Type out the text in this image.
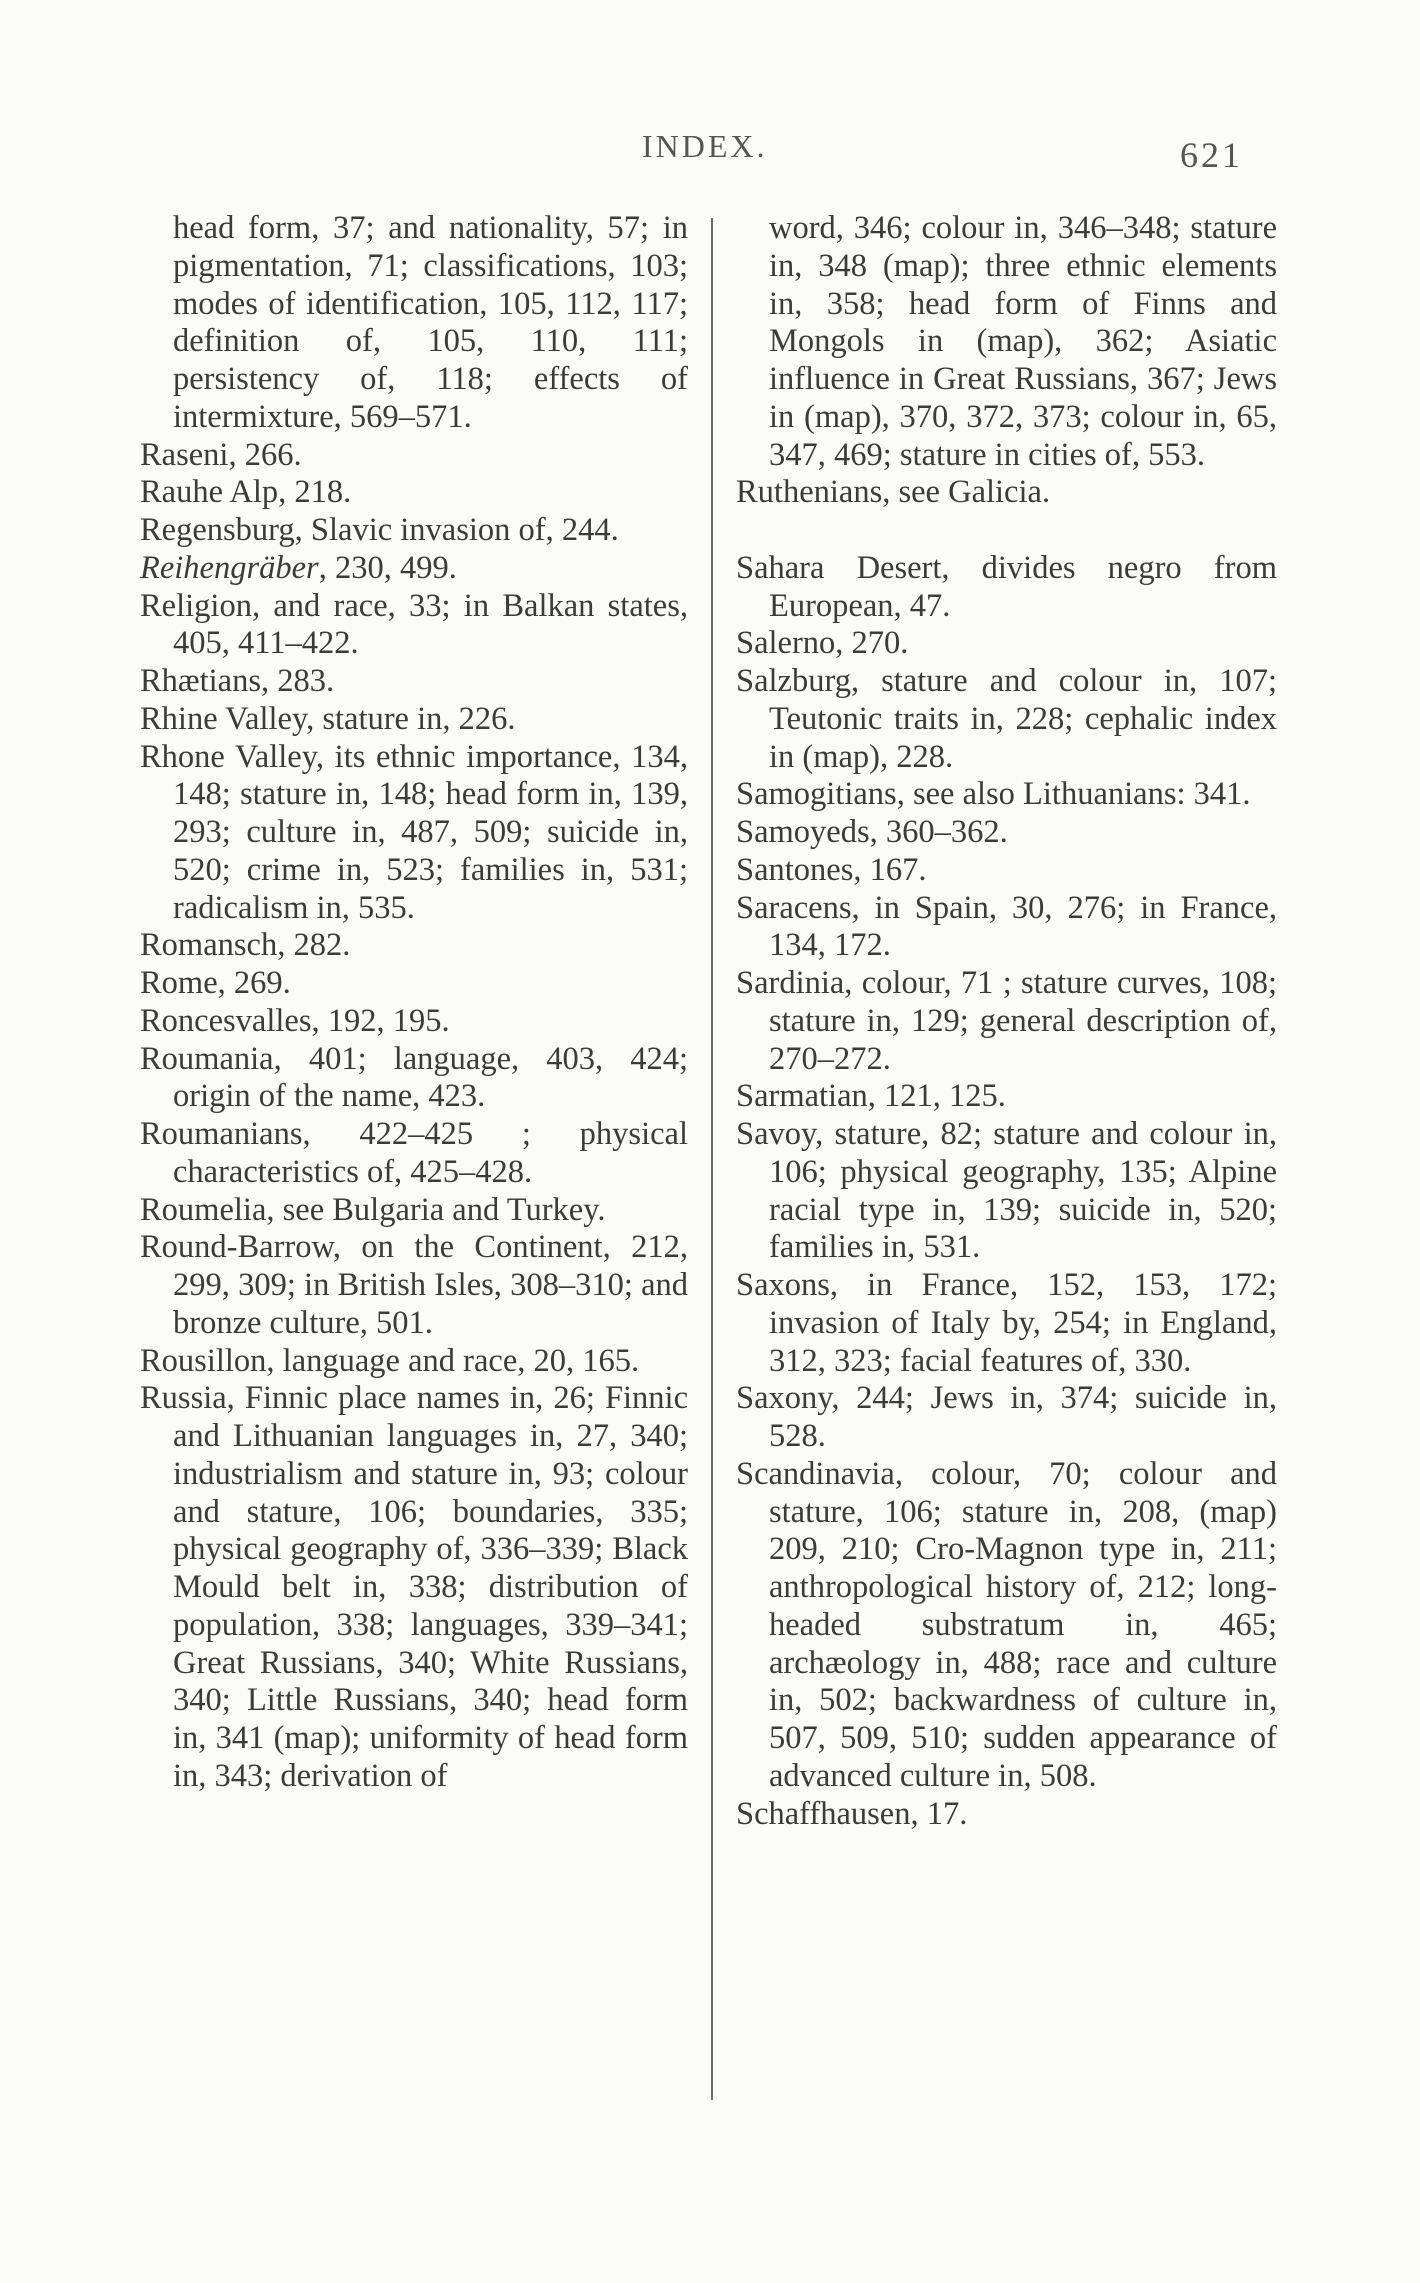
INDEX.	621

head form, 37; and nationality, 57; in pigmentation, 71; classifications, 103; modes of identification, 105, 112, 117; definition of, 105, 110, 111; persistency of, 118; effects of intermixture, 569–571.

Raseni, 266.

Rauhe Alp, 218.

Regensburg, Slavic invasion of, 244.

Reihengräber, 230, 499.

Religion, and race, 33; in Balkan states, 405, 411–422.

Rhætians, 283.

Rhine Valley, stature in, 226.

Rhone Valley, its ethnic importance, 134, 148; stature in, 148; head form in, 139, 293; culture in, 487, 509; suicide in, 520; crime in, 523; families in, 531; radicalism in, 535.

Romansch, 282.

Rome, 269.

Roncesvalles, 192, 195.

Roumania, 401; language, 403, 424; origin of the name, 423.

Roumanians, 422–425 ; physical characteristics of, 425–428.

Roumelia, see Bulgaria and Turkey.

Round-Barrow, on the Continent, 212, 299, 309; in British Isles, 308–310; and bronze culture, 501.

Rousillon, language and race, 20, 165.

Russia, Finnic place names in, 26; Finnic and Lithuanian languages in, 27, 340; industrialism and stature in, 93; colour and stature, 106; boundaries, 335; physical geography of, 336–339; Black Mould belt in, 338; distribution of population, 338; languages, 339–341; Great Russians, 340; White Russians, 340; Little Russians, 340; head form in, 341 (map); uniformity of head form in, 343; derivation of

word, 346; colour in, 346–348; stature in, 348 (map); three ethnic elements in, 358; head form of Finns and Mongols in (map), 362; Asiatic influence in Great Russians, 367; Jews in (map), 370, 372, 373; colour in, 65, 347, 469; stature in cities of, 553.

Ruthenians, see Galicia.

Sahara Desert, divides negro from European, 47.

Salerno, 270.

Salzburg, stature and colour in, 107; Teutonic traits in, 228; cephalic index in (map), 228.

Samogitians, see also Lithuanians: 341.

Samoyeds, 360–362.

Santones, 167.

Saracens, in Spain, 30, 276; in France, 134, 172.

Sardinia, colour, 71 ; stature curves, 108; stature in, 129; general description of, 270–272.

Sarmatian, 121, 125.

Savoy, stature, 82; stature and colour in, 106; physical geography, 135; Alpine racial type in, 139; suicide in, 520; families in, 531.

Saxons, in France, 152, 153, 172; invasion of Italy by, 254; in England, 312, 323; facial features of, 330.

Saxony, 244; Jews in, 374; suicide in, 528.

Scandinavia, colour, 70; colour and stature, 106; stature in, 208, (map) 209, 210; Cro-Magnon type in, 211; anthropological history of, 212; long-headed substratum in, 465; archæology in, 488; race and culture in, 502; backwardness of culture in, 507, 509, 510; sudden appearance of advanced culture in, 508.

Schaffhausen, 17.
